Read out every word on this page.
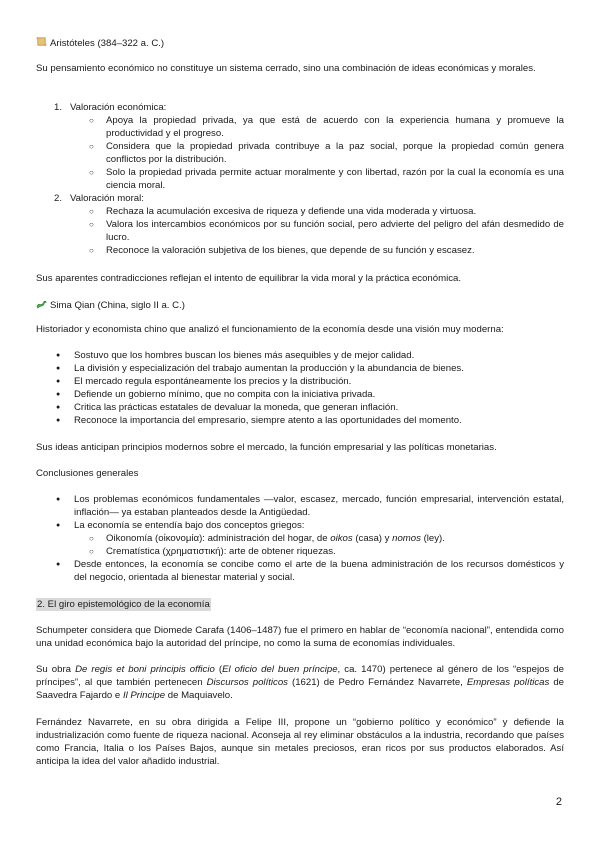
Aristóteles (384–322 a. C.)

Su pensamiento económico no constituye un sistema cerrado, sino una combinación de ideas económicas y morales.

1. Valoración económica:
○ Apoya la propiedad privada, ya que está de acuerdo con la experiencia humana y promueve la productividad y el progreso.
○ Considera que la propiedad privada contribuye a la paz social, porque la propiedad común genera conflictos por la distribución.
○ Solo la propiedad privada permite actuar moralmente y con libertad, razón por la cual la economía es una ciencia moral.
2. Valoración moral:
○ Rechaza la acumulación excesiva de riqueza y defiende una vida moderada y virtuosa.
○ Valora los intercambios económicos por su función social, pero advierte del peligro del afán desmedido de lucro.
○ Reconoce la valoración subjetiva de los bienes, que depende de su función y escasez.

Sus aparentes contradicciones reflejan el intento de equilibrar la vida moral y la práctica económica.

Sima Qian (China, siglo II a. C.)

Historiador y economista chino que analizó el funcionamiento de la economía desde una visión muy moderna:

● Sostuvo que los hombres buscan los bienes más asequibles y de mejor calidad.
● La división y especialización del trabajo aumentan la producción y la abundancia de bienes.
● El mercado regula espontáneamente los precios y la distribución.
● Defiende un gobierno mínimo, que no compita con la iniciativa privada.
● Critica las prácticas estatales de devaluar la moneda, que generan inflación.
● Reconoce la importancia del empresario, siempre atento a las oportunidades del momento.

Sus ideas anticipan principios modernos sobre el mercado, la función empresarial y las políticas monetarias.

Conclusiones generales

● Los problemas económicos fundamentales —valor, escasez, mercado, función empresarial, intervención estatal, inflación— ya estaban planteados desde la Antigüedad.
● La economía se entendía bajo dos conceptos griegos:
○ Oikonomía (οἰκονομία): administración del hogar, de oikos (casa) y nomos (ley).
○ Crematística (χρηματιστική): arte de obtener riquezas.
● Desde entonces, la economía se concibe como el arte de la buena administración de los recursos domésticos y del negocio, orientada al bienestar material y social.

2. El giro epistemológico de la economía

Schumpeter considera que Diomede Carafa (1406–1487) fue el primero en hablar de “economía nacional”, entendida como una unidad económica bajo la autoridad del príncipe, no como la suma de economías individuales.

Su obra De regis et boni principis officio (El oficio del buen príncipe, ca. 1470) pertenece al género de los “espejos de príncipes”, al que también pertenecen Discursos políticos (1621) de Pedro Fernández Navarrete, Empresas políticas de Saavedra Fajardo e Il Principe de Maquiavelo.

Fernández Navarrete, en su obra dirigida a Felipe III, propone un “gobierno político y económico” y defiende la industrialización como fuente de riqueza nacional. Aconseja al rey eliminar obstáculos a la industria, recordando que países como Francia, Italia o los Países Bajos, aunque sin metales preciosos, eran ricos por sus productos elaborados. Así anticipa la idea del valor añadido industrial.

2
